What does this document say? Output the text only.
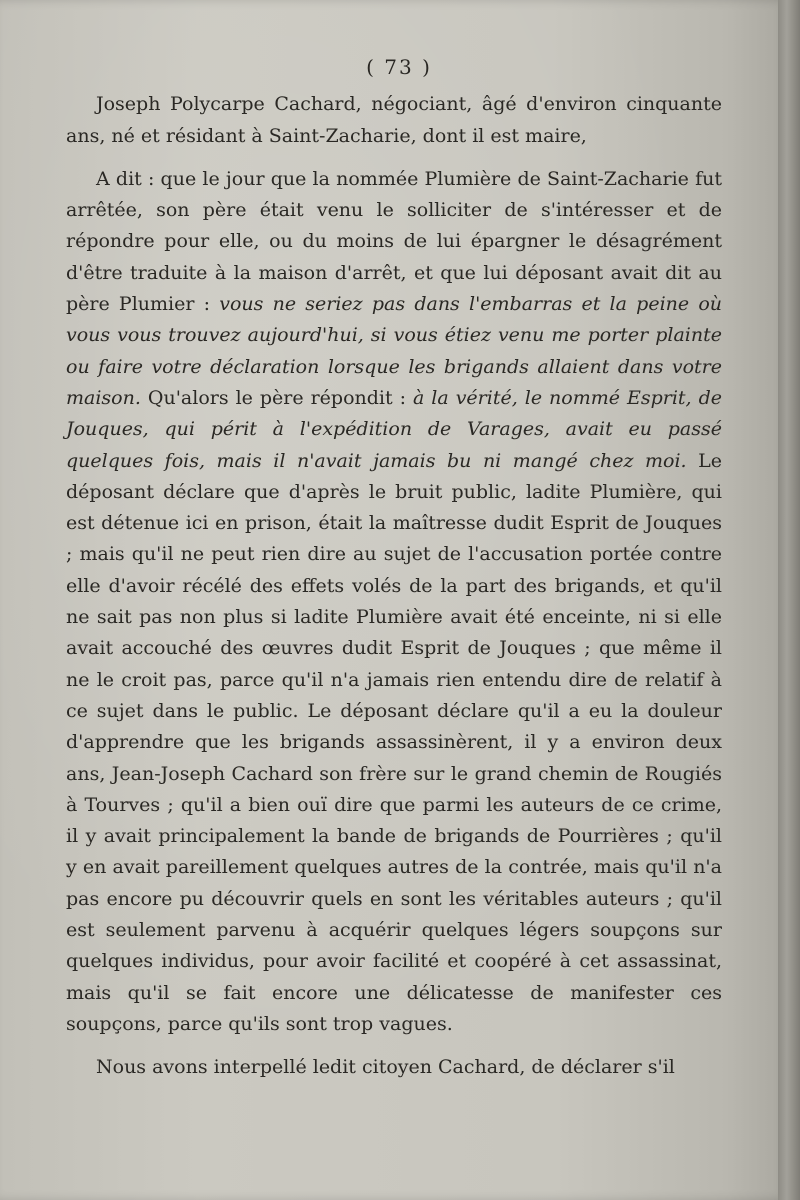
( 73 )

Joseph Polycarpe Cachard, négociant, âgé d'environ cinquante ans, né et résidant à Saint-Zacharie, dont il est maire,

A dit : que le jour que la nommée Plumière de Saint-Zacharie fut arrêtée, son père était venu le solliciter de s'intéresser et de répondre pour elle, ou du moins de lui épargner le désagrément d'être traduite à la maison d'arrêt, et que lui déposant avait dit au père Plumier : vous ne seriez pas dans l'embarras et la peine où vous vous trouvez aujourd'hui, si vous étiez venu me porter plainte ou faire votre déclaration lorsque les brigands allaient dans votre maison. Qu'alors le père répondit : à la vérité, le nommé Esprit, de Jouques, qui périt à l'expédition de Varages, avait eu passé quelques fois, mais il n'avait jamais bu ni mangé chez moi. Le déposant déclare que d'après le bruit public, ladite Plumière, qui est détenue ici en prison, était la maîtresse dudit Esprit de Jouques ; mais qu'il ne peut rien dire au sujet de l'accusation portée contre elle d'avoir récélé des effets volés de la part des brigands, et qu'il ne sait pas non plus si ladite Plumière avait été enceinte, ni si elle avait accouché des œuvres dudit Esprit de Jouques ; que même il ne le croit pas, parce qu'il n'a jamais rien entendu dire de relatif à ce sujet dans le public. Le déposant déclare qu'il a eu la douleur d'apprendre que les brigands assassinèrent, il y a environ deux ans, Jean-Joseph Cachard son frère sur le grand chemin de Rougiés à Tourves ; qu'il a bien ouï dire que parmi les auteurs de ce crime, il y avait principalement la bande de brigands de Pourrières ; qu'il y en avait pareillement quelques autres de la contrée, mais qu'il n'a pas encore pu découvrir quels en sont les véritables auteurs ; qu'il est seulement parvenu à acquérir quelques légers soupçons sur quelques individus, pour avoir facilité et coopéré à cet assassinat, mais qu'il se fait encore une délicatesse de manifester ces soupçons, parce qu'ils sont trop vagues.

Nous avons interpellé ledit citoyen Cachard, de déclarer s'il
